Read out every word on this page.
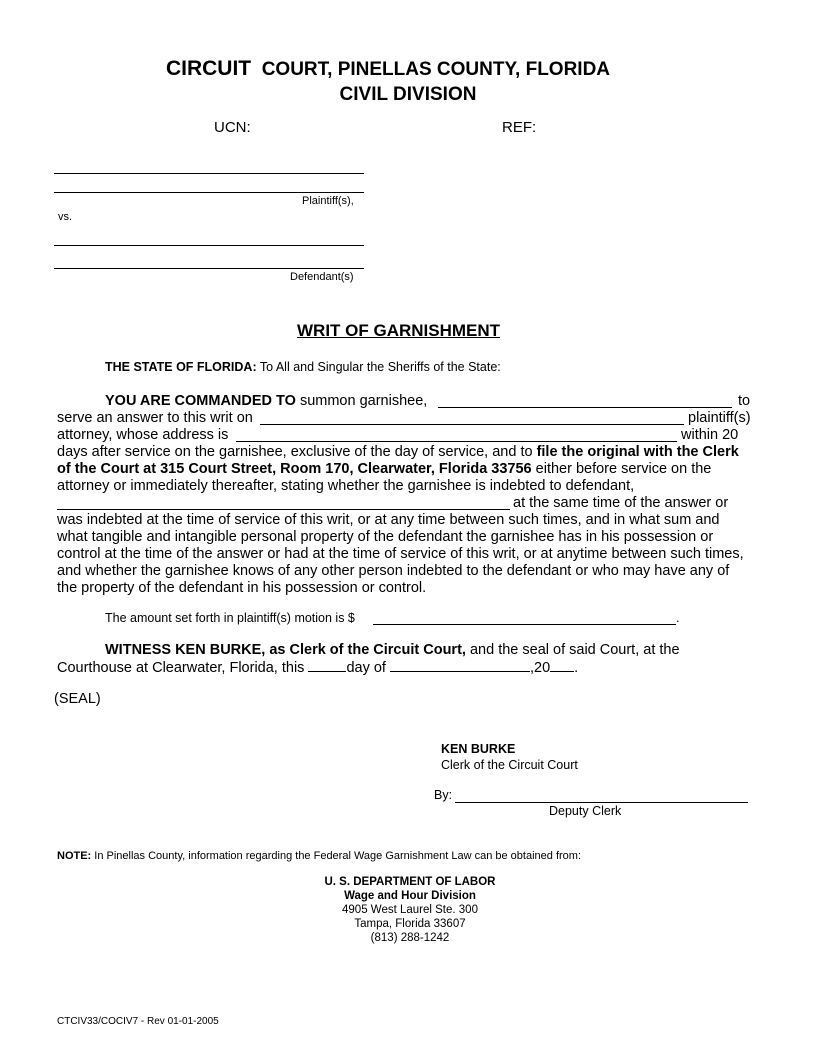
CIRCUIT COURT, PINELLAS COUNTY, FLORIDA
CIVIL DIVISION
UCN:	REF:
Plaintiff(s),
vs.
Defendant(s)
WRIT OF GARNISHMENT
THE STATE OF FLORIDA: To All and Singular the Sheriffs of the State:
YOU ARE COMMANDED TO summon garnishee,	to
serve an answer to this writ on	plaintiff(s)
attorney, whose address is	within 20
days after service on the garnishee, exclusive of the day of service, and to file the original with the Clerk
of the Court at 315 Court Street, Room 170, Clearwater, Florida 33756 either before service on the
attorney or immediately thereafter, stating whether the garnishee is indebted to defendant,
at the same time of the answer or
was indebted at the time of service of this writ, or at any time between such times, and in what sum and
what tangible and intangible personal property of the defendant the garnishee has in his possession or
control at the time of the answer or had at the time of service of this writ, or at anytime between such times,
and whether the garnishee knows of any other person indebted to the defendant or who may have any of
the property of the defendant in his possession or control.
The amount set forth in plaintiff(s) motion is $	.
WITNESS KEN BURKE, as Clerk of the Circuit Court, and the seal of said Court, at the
Courthouse at Clearwater, Florida, this	day of	,20 .
(SEAL)
KEN BURKE
Clerk of the Circuit Court
By:
Deputy Clerk
NOTE: In Pinellas County, information regarding the Federal Wage Garnishment Law can be obtained from:
U. S. DEPARTMENT OF LABOR
Wage and Hour Division
4905 West Laurel Ste. 300
Tampa, Florida 33607
(813) 288-1242
CTCIV33/COCIV7 - Rev 01-01-2005
